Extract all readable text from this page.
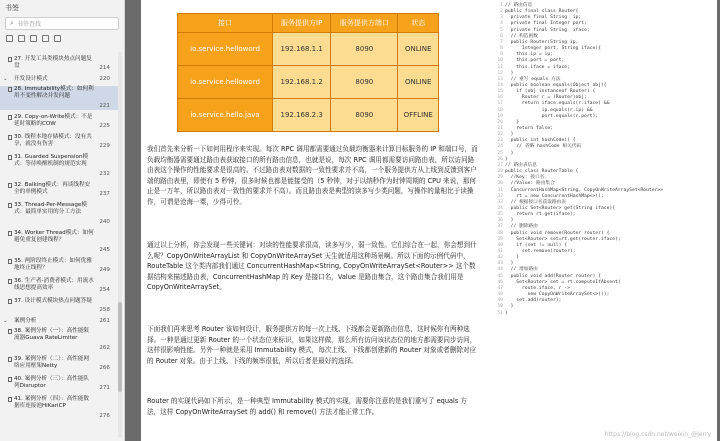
书签
⌕ 书签查找
27. 开发工具类模块热点问题复盘	214
⌄ 开发设计模式	220
28. Immutability模式：如何利用不变性解决并发问题
221
29. Copy-on-Write模式：不是延时策略的COW	225
30. 线程本地存储模式：没有共享，就没有伤害	229
31. Guarded Suspension模式：等待唤醒机制的规范实现
232
32. Balking模式：再谈线程安全的单例模式	237
33. Thread-Per-Message模式：最简单实用的分工方法
240
34. Worker Thread模式：如何避免重复创建线程？
245
35. 两阶段终止模式：如何优雅地终止线程？	249
36. 生产者-消费者模式：用流水线思想提高效率	254
37. 设计模式模块热点问题答疑
258
⌄ 案例分析	261
38. 案例分析（一）：高性能限流器Guava RateLimiter
262
39. 案例分析（二）：高性能网络应用框架Netty	266
40. 案例分析（三）：高性能队列Disruptor	271
41. 案例分析（四）：高性能数据库连接池HiKariCP
276
接口	服务提供方IP	服务提供方端口	状态
io.service.helloword	192.168.1.1	8090	ONLINE
io.service.helloword	192.168.1.2	8090	ONLINE
io.service.hello.java	192.168.2.3	8090	OFFLINE
我们首先来分析一下如何用程序来实现。每次 RPC 调用都需要通过负载均衡器来计算目标服务的 IP 和端口号，而负载均衡器需要通过路由表获取接口的所有路由信息，也就是说，每次 RPC 调用都需要访问路由表，所以访问路由表这个操作的性能要求是很高的。不过路由表对数据的一致性要求并不高，一个服务提供方从上线到反馈到客户端的路由表里，即使有 5 秒钟，很多时候也都是能接受的（5 秒钟，对于以纳秒作为时钟周期的 CPU 来说，那何止是一万年，所以路由表对一致性的要求并不高）。而且路由表是典型的读多写少类问题，写操作的量相比于读操作，可谓是沧海一粟，少得可怜。
通过以上分析，你会发现一些关键词：对读的性能要求很高，读多写少，弱一致性。它们综合在一起，你会想到什么呢？CopyOnWriteArrayList 和 CopyOnWriteArraySet 天生就适用这种场景啊。所以下面的示例代码中，RouteTable 这个类内部我们通过 ConcurrentHashMap<String, CopyOnWriteArraySet<Router>> 这个数据结构来描述路由表，ConcurrentHashMap 的 Key 是接口名，Value 是路由集合，这个路由集合我们用是 CopyOnWriteArraySet。
下面我们再来思考 Router 该如何设计，服务提供方的每一次上线、下线都会更新路由信息，这时候你有两种选择。一种是通过更新 Router 的一个状态位来标识，如果这样做，那么所有访问该状态位的地方都需要同步访问，这样很影响性能。另外一种就是采用 Immutability 模式，每次上线、下线都创建新的 Router 对象或者删除对应的 Router 对象。由于上线、下线的频率很低，所以后者是最好的选择。
Router 的实现代码如下所示，是一种典型 Immutability 模式的实现，需要你注意的是我们重写了 equals 方法，这样 CopyOnWriteArraySet 的 add() 和 remove() 方法才能正常工作。
1 // 路由信息
2 public final class Router{
3  private final String  ip;
4  private final Integer port;
5  private final String  iface;
6  // 构造函数
7  public Router(String ip,
8      Integer port, String iface){
9    this.ip = ip;
10    this.port = port;
11    this.iface = iface;
12  }
13  // 重写 equals 方法
14  public boolean equals(Object obj){
15    if (obj instanceof Router) {
16      Router r = (Router)obj;
17      return iface.equals(r.iface) &&
18             ip.equals(r.ip) &&
19             port.equals(r.port);
20    }
21    return false;
22  }
23  public int hashCode() {
24    // 省略 hashCode 相关代码
25  }
26 }
27 // 路由表信息
28 public class RouterTable {
29  //Key: 接口名
30  //Value: 路由集合
31  ConcurrentHashMap<String, CopyOnWriteArraySet<Router>>
32    rt = new ConcurrentHashMap<>();
33  // 根据接口名获取路由表
34  public Set<Router> get(String iface){
35    return rt.get(iface);
36  }
37  // 删除路由
38  public void remove(Router router) {
39    Set<Router> set=rt.get(router.iface);
40    if (set != null) {
41      set.remove(router);
42    }
43  }
44  // 增加路由
45  public void add(Router router) {
46    Set<Router> set = rt.computeIfAbsent(
47      route.iface, r ->
48        new CopyOnWriteArraySet<>());
49    set.add(router);
50  }
51 }
https://blog.csdn.net/weixin_@Jerry
